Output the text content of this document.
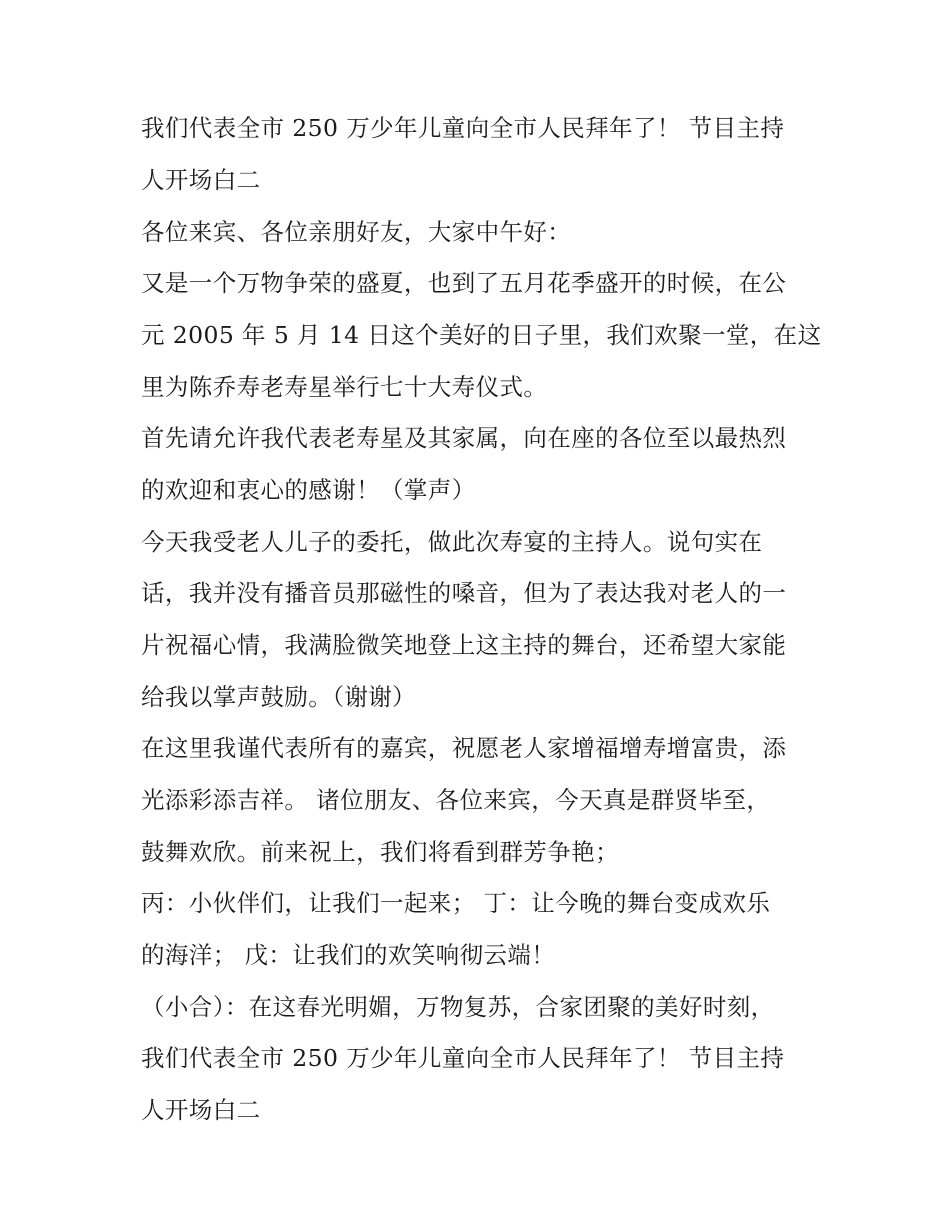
我们代表全市 250 万少年儿童向全市人民拜年了！ 节目主持

人开场白二

各位来宾、各位亲朋好友，大家中午好：

又是一个万物争荣的盛夏，也到了五月花季盛开的时候，在公

元 2005 年 5 月 14 日这个美好的日子里，我们欢聚一堂，在这

里为陈乔寿老寿星举行七十大寿仪式。

首先请允许我代表老寿星及其家属，向在座的各位至以最热烈

的欢迎和衷心的感谢！（掌声）

今天我受老人儿子的委托，做此次寿宴的主持人。说句实在

话，我并没有播音员那磁性的嗓音，但为了表达我对老人的一

片祝福心情，我满脸微笑地登上这主持的舞台，还希望大家能

给我以掌声鼓励。（谢谢）

在这里我谨代表所有的嘉宾，祝愿老人家增福增寿增富贵，添

光添彩添吉祥。 诸位朋友、各位来宾，今天真是群贤毕至，

鼓舞欢欣。前来祝上，我们将看到群芳争艳；

丙：小伙伴们，让我们一起来； 丁：让今晚的舞台变成欢乐

的海洋； 戊：让我们的欢笑响彻云端！

（小合）：在这春光明媚，万物复苏，合家团聚的美好时刻，

我们代表全市 250 万少年儿童向全市人民拜年了！ 节目主持

人开场白二
